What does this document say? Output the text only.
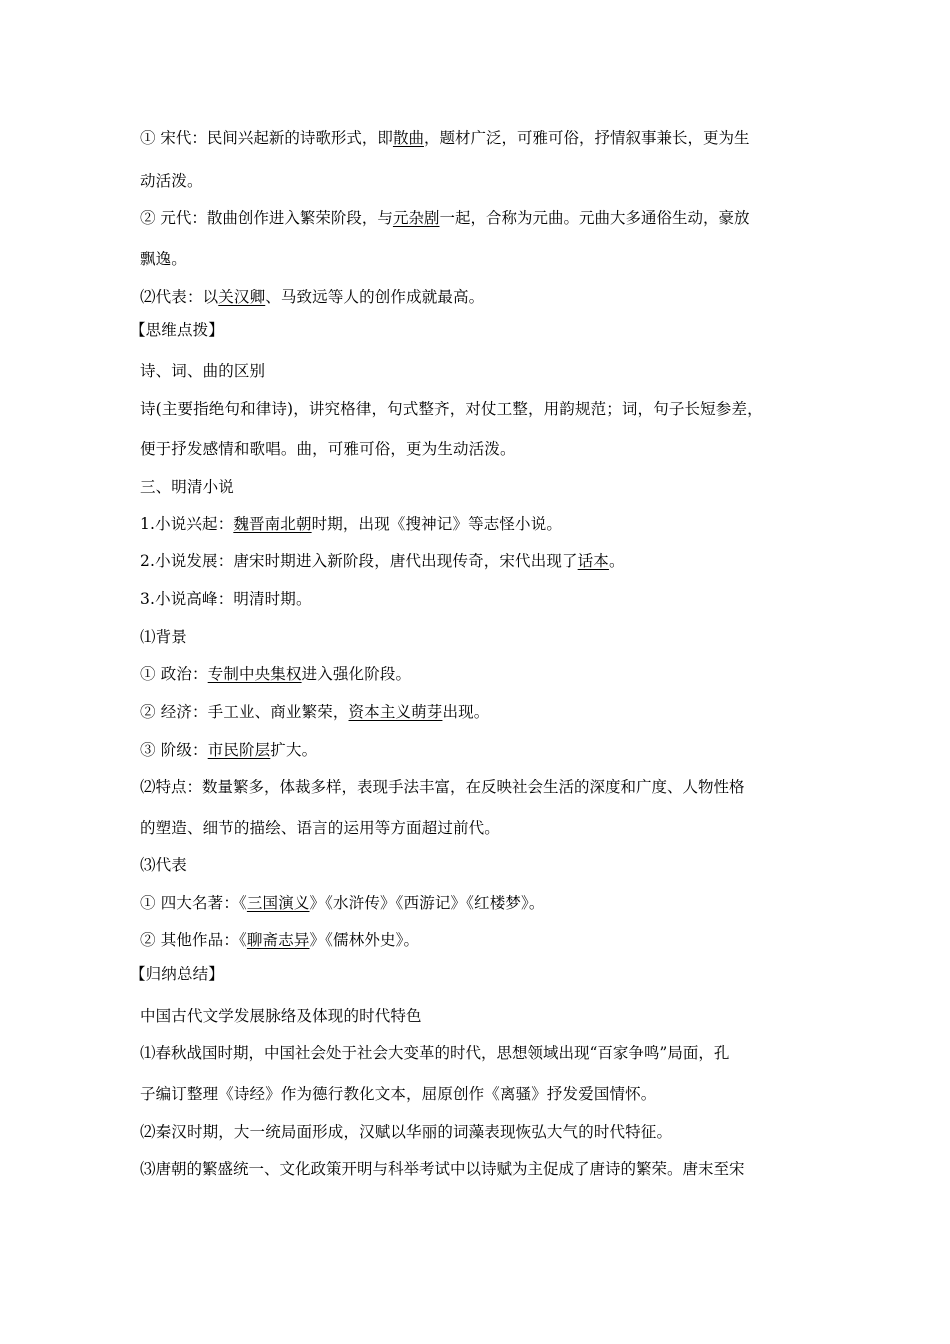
① 宋代：民间兴起新的诗歌形式，即散曲，题材广泛，可雅可俗，抒情叙事兼长，更为生
动活泼。
② 元代：散曲创作进入繁荣阶段，与元杂剧一起，合称为元曲。元曲大多通俗生动，豪放
飘逸。
⑵代表：以关汉卿、马致远等人的创作成就最高。
【思维点拨】
诗、词、曲的区别
诗(主要指绝句和律诗)，讲究格律，句式整齐，对仗工整，用韵规范；词，句子长短参差，
便于抒发感情和歌唱。曲，可雅可俗，更为生动活泼。
三、明清小说
1.小说兴起：魏晋南北朝时期，出现《搜神记》等志怪小说。
2.小说发展：唐宋时期进入新阶段，唐代出现传奇，宋代出现了话本。
3.小说高峰：明清时期。
⑴背景
① 政治：专制中央集权进入强化阶段。
② 经济：手工业、商业繁荣，资本主义萌芽出现。
③ 阶级：市民阶层扩大。
⑵特点：数量繁多，体裁多样，表现手法丰富，在反映社会生活的深度和广度、人物性格
的塑造、细节的描绘、语言的运用等方面超过前代。
⑶代表
① 四大名著：《三国演义》《水浒传》《西游记》《红楼梦》。
② 其他作品：《聊斋志异》《儒林外史》。
【归纳总结】
中国古代文学发展脉络及体现的时代特色
⑴春秋战国时期，中国社会处于社会大变革的时代，思想领域出现“百家争鸣”局面，孔
子编订整理《诗经》作为德行教化文本，屈原创作《离骚》抒发爱国情怀。
⑵秦汉时期，大一统局面形成，汉赋以华丽的词藻表现恢弘大气的时代特征。
⑶唐朝的繁盛统一、文化政策开明与科举考试中以诗赋为主促成了唐诗的繁荣。唐末至宋
